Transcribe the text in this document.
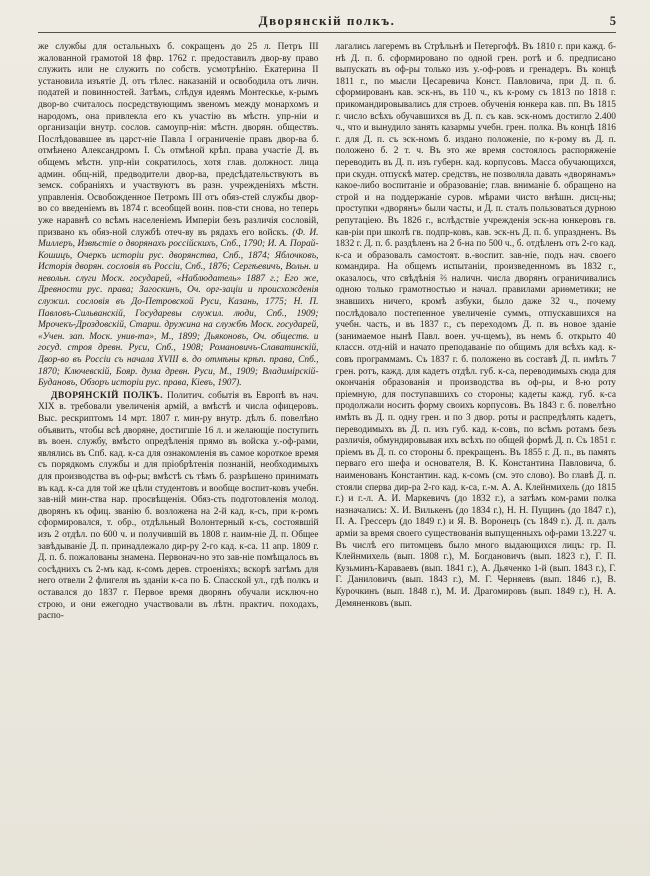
Дворянскій полкъ.	5

же службы для остальныхъ б. сокращенъ до 25 л. Петръ III жалованной грамотой 18 фвр. 1762 г. предоставилъ двор-ву право служить или не служить по собств. усмотрѣнію. Екатерина II установила изъятіе Д. отъ тѣлес. наказаній и освободила отъ личн. податей и повинностей. Затѣмъ, слѣдуя идеямъ Монтескье, к-рымъ двор-во считалось посредствующимъ звеномъ между монархомъ и народомъ, она привлекла его къ участію въ мѣстн. упр-ніи и организаціи внутр. сослов. самоупр-нія: мѣстн. дворян. обществъ. Послѣдовавшее въ царст-ніе Павла I ограниченіе правъ двор-ва б. отмѣнено Александромъ I. Съ отмѣной крѣп. права участіе Д. въ общемъ мѣстн. упр-ніи сократилось, хотя глав. должност. лица админ. общ-ній, предводители двор-ва, предсѣдательствуютъ въ земск. собраніяхъ и участвуютъ въ разн. учрежденіяхъ мѣстн. управленія. Освобожденное Петромъ III отъ обяз-стей службы двор-во со введеніемъ въ 1874 г. всеобщей воин. пов-сти снова, но теперь уже наравнѣ со всѣмъ населеніемъ Имперіи безъ различія сословій, призвано къ обяз-ной службѣ отеч-ву въ рядахъ его войскъ. (Ф. И. Миллеръ, Извѣстіе о дворянахъ россійскихъ, Спб., 1790; И. А. Порай-Кошицъ, Очеркъ исторіи рус. дворянства, Спб., 1874; Яблочковъ, Исторія дворян. сословія въ Россіи, Спб., 1876; Сергѣевичъ, Вольн. и невольн. слуги Моск. государей, «Наблюдатель» 1887 г.; Его же, Древности рус. права; Загоскинъ, Оч. орг-заціи и происхожденія служил. сословія въ До-Петровской Руси, Казань, 1775; Н. П. Павловъ-Сильванскій, Государевы служил. люди, Спб., 1909; Мрочекъ-Дроздовскій, Старш. дружина на службѣ Моск. государей, «Учен. зап. Моск. унив-та», М., 1899; Дьяконовъ, Оч. обществ. и госуд. строя древн. Руси, Спб., 1908; Романовичъ-Славатинскій, Двор-во въ Россіи съ начала XVIII в. до отмѣны крѣп. права, Спб., 1870; Ключевскій, Бояр. дума древн. Руси, М., 1909; Владимірскій-Будановъ, Обзоръ исторіи рус. права, Кіевъ, 1907).

ДВОРЯНСКІЙ ПОЛКЪ. Политич. событія въ Европѣ въ нач. XIX в. требовали увеличенія армій, а вмѣстѣ и числа офицеровъ. Выс. рескриптомъ 14 мрт. 1807 г. мин-ру внутр. дѣлъ б. повелѣно объявить, чтобы всѣ дворяне, достигшіе 16 л. и желающіе поступить въ воен. службу, вмѣсто опредѣленія прямо въ войска у.-оф-рами, являлись въ Спб. кад. к-са для ознакомленія въ самое короткое время съ порядкомъ службы и для пріобрѣтенія познаній, необходимыхъ для производства въ оф-ры; вмѣстѣ съ тѣмъ б. разрѣшено принимать въ кад. к-са для той же цѣли студентовъ и вообще воспит-ковъ учебн. зав-ній мин-ства нар. просвѣщенія. Обяз-сть подготовленія молод. дворянъ къ офиц. званію б. возложена на 2-й кад. к-съ, при к-ромъ сформировался, т. обр., отдѣльный Волонтерный к-съ, состоявшій изъ 2 отдѣл. по 600 ч. и получившій въ 1808 г. наим-ніе Д. п. Общее завѣдываніе Д. п. принадлежало дир-ру 2-го кад. к-са. 11 апр. 1809 г. Д. п. б. пожалованы знамена. Первонач-но это зав-ніе помѣщалось въ сосѣднихъ съ 2-мъ кад. к-сомъ дерев. строеніяхъ; вскорѣ затѣмъ для него отвели 2 флигеля въ зданіи к-са по Б. Спасской ул., гдѣ полкъ и оставался до 1837 г. Первое время дворянъ обучали исключ-но строю, и они ежегодно участвовали въ лѣтн. практич. походахъ, распо-

лагались лагеремъ въ Стрѣльнѣ и Петергофѣ. Въ 1810 г. при кажд. б-нѣ Д. п. б. сформировано по одной грен. ротѣ и б. предписано выпускать въ оф-ры только изъ у.-оф-ровъ и гренадеръ. Въ концѣ 1811 г., по мысли Цесаревича Конст. Павловича, при Д. п. б. сформированъ кав. эск-нъ, въ 110 ч., къ к-рому съ 1813 по 1818 г. прикомандировывались для строев. обученія юнкера кав. пп. Въ 1815 г. число всѣхъ обучавшихся въ Д. п. съ кав. эск-номъ достигло 2.400 ч., что и вынудило занять казармы учебн. грен. полка. Въ концѣ 1816 г. для Д. п. съ эск-номъ б. издано положеніе, по к-рому въ Д. п. положено б. 2 т. ч. Въ это же время состоялось распоряженіе переводить въ Д. п. изъ губерн. кад. корпусовъ. Масса обучающихся, при скудн. отпускѣ матер. средствъ, не позволяла давать «дворянамъ» какое-либо воспитаніе и образованіе; глав. вниманіе б. обращено на строй и на поддержаніе суров. мѣрами чисто внѣшн. дисц-ны; проступки «дворянъ» были часты, и Д. п. сталъ пользоваться дурною репутаціею. Въ 1826 г., вслѣдствіе учрежденія эск-на юнкеровъ гв. кав-ріи при школѣ гв. подпр-ковъ, кав. эск-нъ Д. п. б. упраздненъ. Въ 1832 г. Д. п. б. раздѣленъ на 2 б-на по 500 ч., б. отдѣленъ отъ 2-го кад. к-са и образовалъ самостоят. в.-воспит. зав-ніе, подъ нач. своего командира. На общемъ испытаніи, произведенномъ въ 1832 г., оказалось, что свѣдѣнія ⅔ наличн. числа дворянъ ограничивались одною только грамотностью и начал. правилами ариѳметики; не знавшихъ ничего, кромѣ азбуки, было даже 32 ч., почему послѣдовало постепенное увеличеніе суммъ, отпускавшихся на учебн. часть, и въ 1837 г., съ переходомъ Д. п. въ новое зданіе (занимаемое нынѣ Павл. воен. уч-щемъ), въ немъ б. открыто 40 классн. отд-ній и начато преподаваніе по общимъ для всѣхъ кад. к-совъ программамъ. Съ 1837 г. б. положено въ составѣ Д. п. имѣть 7 грен. ротъ, кажд. для кадетъ отдѣл. губ. к-са, переводимыхъ сюда для окончанія образованія и производства въ оф-ры, и 8-ю роту пріемную, для поступавшихъ со стороны; кадеты кажд. губ. к-са продолжали носить форму своихъ корпусовъ. Въ 1843 г. б. повелѣно имѣть въ Д. п. одну грен. и по 3 двор. роты и распредѣлять кадетъ, переводимыхъ въ Д. п. изъ губ. кад. к-совъ, по всѣмъ ротамъ безъ различія, обмундировывая ихъ всѣхъ по общей формѣ Д. п. Съ 1851 г. пріемъ въ Д. п. со стороны б. прекращенъ. Въ 1855 г. Д. п., въ память перваго его шефа и основателя, В. К. Константина Павловича, б. наименованъ Константин. кад. к-сомъ (см. это слово). Во главѣ Д. п. стояли сперва дир-ра 2-го кад. к-са, г.-м. А. А. Клейнмихель (до 1815 г.) и г.-л. А. И. Маркевичъ (до 1832 г.), а затѣмъ ком-рами полка назначались: Х. И. Вилькенъ (до 1834 г.), Н. Н. Пущинъ (до 1847 г.), П. А. Грессеръ (до 1849 г.) и Я. В. Воронецъ (съ 1849 г.). Д. п. далъ арміи за время своего существованія выпущенныхъ оф-рами 13.227 ч. Въ числѣ его питомцевъ было много выдающихся лицъ: гр. П. Клейнмихель (вып. 1808 г.), М. Богдановичъ (вып. 1823 г.), Г. П. Кузьминъ-Караваевъ (вып. 1841 г.), А. Дьяченко 1-й (вып. 1843 г.), Г. Г. Даниловичъ (вып. 1843 г.), М. Г. Черняевъ (вып. 1846 г.), В. Курочкинъ (вып. 1848 г.), М. И. Драгомировъ (вып. 1849 г.), Н. А. Демяненковъ (вып.
